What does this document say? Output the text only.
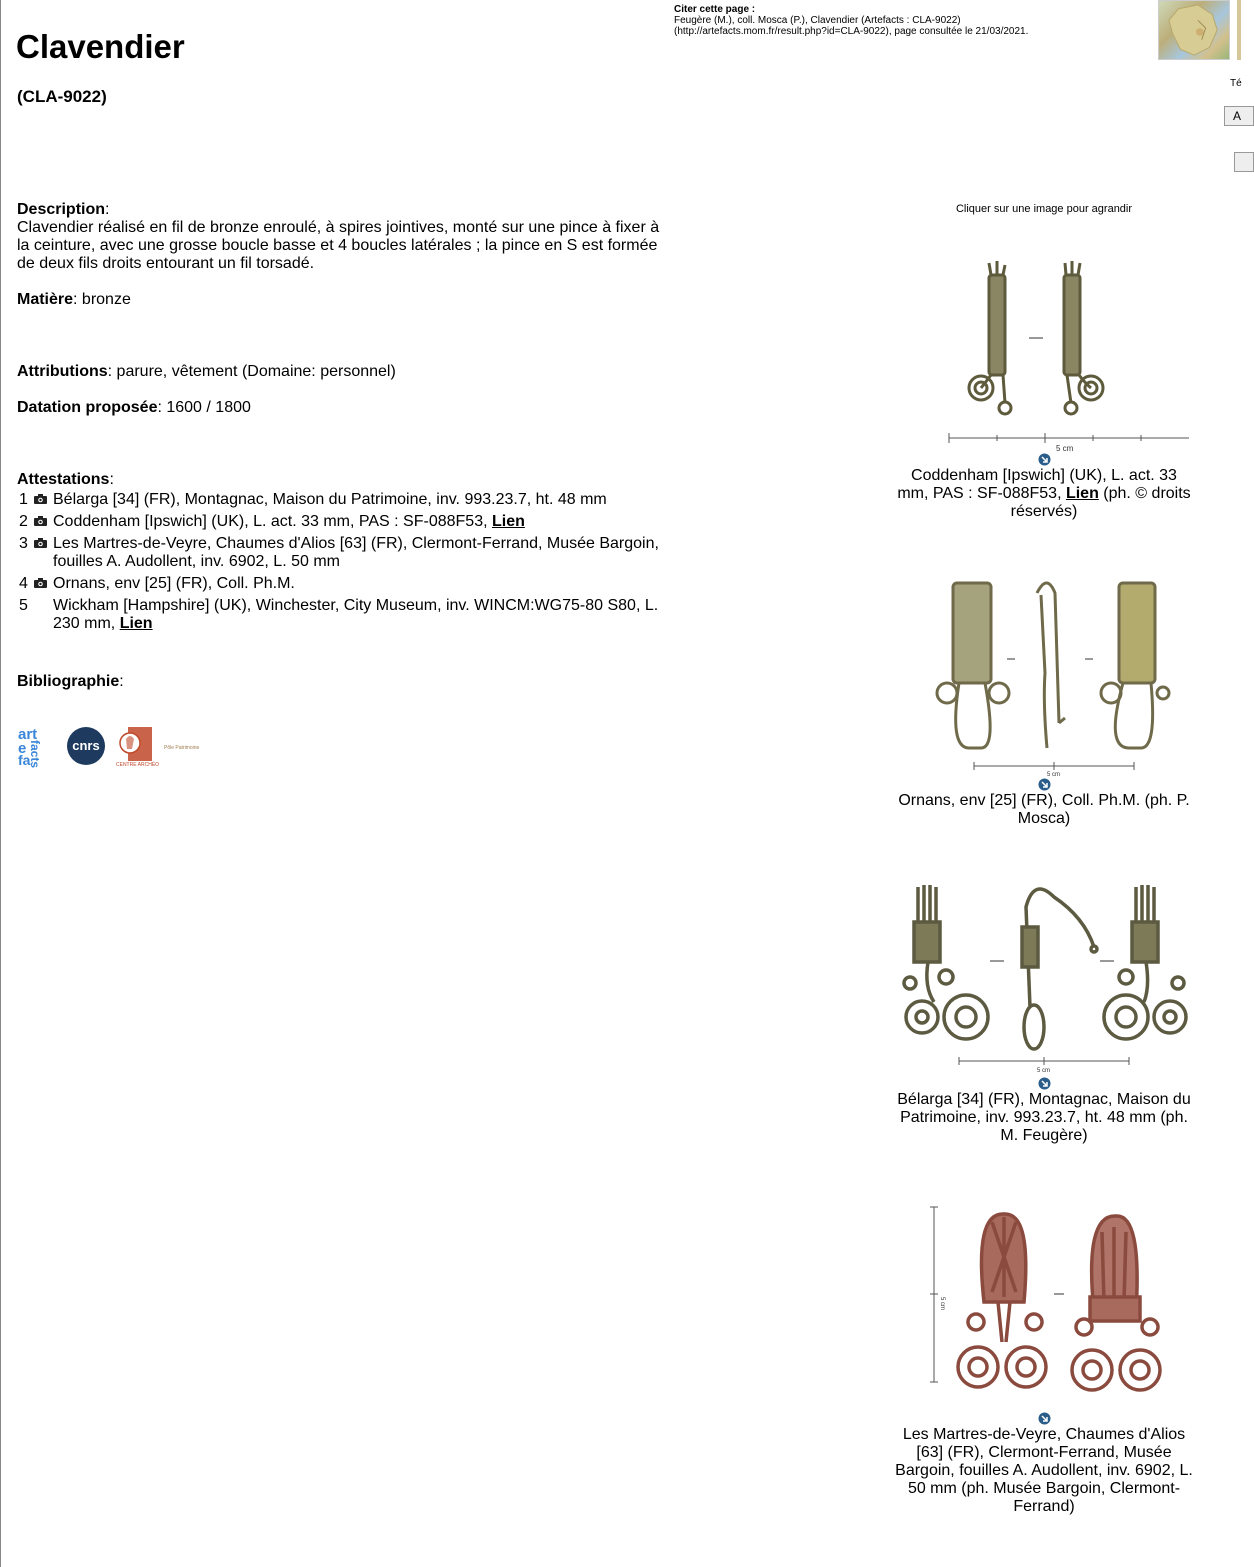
Clavendier
(CLA-9022)
Citer cette page :
Feugère (M.), coll. Mosca (P.), Clavendier (Artefacts : CLA-9022)
(http://artefacts.mom.fr/result.php?id=CLA-9022), page consultée le 21/03/2021.
Té
A
Description:
Clavendier réalisé en fil de bronze enroulé, à spires jointives, monté sur une pince à fixer à la ceinture, avec une grosse boucle basse et 4 boucles latérales ; la pince en S est formée de deux fils droits entourant un fil torsadé.
Matière: bronze
Attributions: parure, vêtement (Domaine: personnel)
Datation proposée: 1600 / 1800
Attestations:
1 Bélarga [34] (FR), Montagnac, Maison du Patrimoine, inv. 993.23.7, ht. 48 mm
2 Coddenham [Ipswich] (UK), L. act. 33 mm, PAS : SF-088F53, Lien
3 Les Martres-de-Veyre, Chaumes d'Alios [63] (FR), Clermont-Ferrand, Musée Bargoin, fouilles A. Audollent, inv. 6902, L. 50 mm
4 Ornans, env [25] (FR), Coll. Ph.M.
5 Wickham [Hampshire] (UK), Winchester, City Museum, inv. WINCM:WG75-80 S80, L. 230 mm, Lien
Bibliographie:
art
e facts
fa
cnrs
CENTRE ARCHÉO
Pôle Patrimoine
Cliquer sur une image pour agrandir
5 cm
Coddenham [Ipswich] (UK), L. act. 33 mm, PAS : SF-088F53, Lien (ph. © droits réservés)
5 cm
Ornans, env [25] (FR), Coll. Ph.M. (ph. P. Mosca)
5 cm
Bélarga [34] (FR), Montagnac, Maison du Patrimoine, inv. 993.23.7, ht. 48 mm (ph. M. Feugère)
5 cm
Les Martres-de-Veyre, Chaumes d'Alios [63] (FR), Clermont-Ferrand, Musée Bargoin, fouilles A. Audollent, inv. 6902, L. 50 mm (ph. Musée Bargoin, Clermont-Ferrand)
